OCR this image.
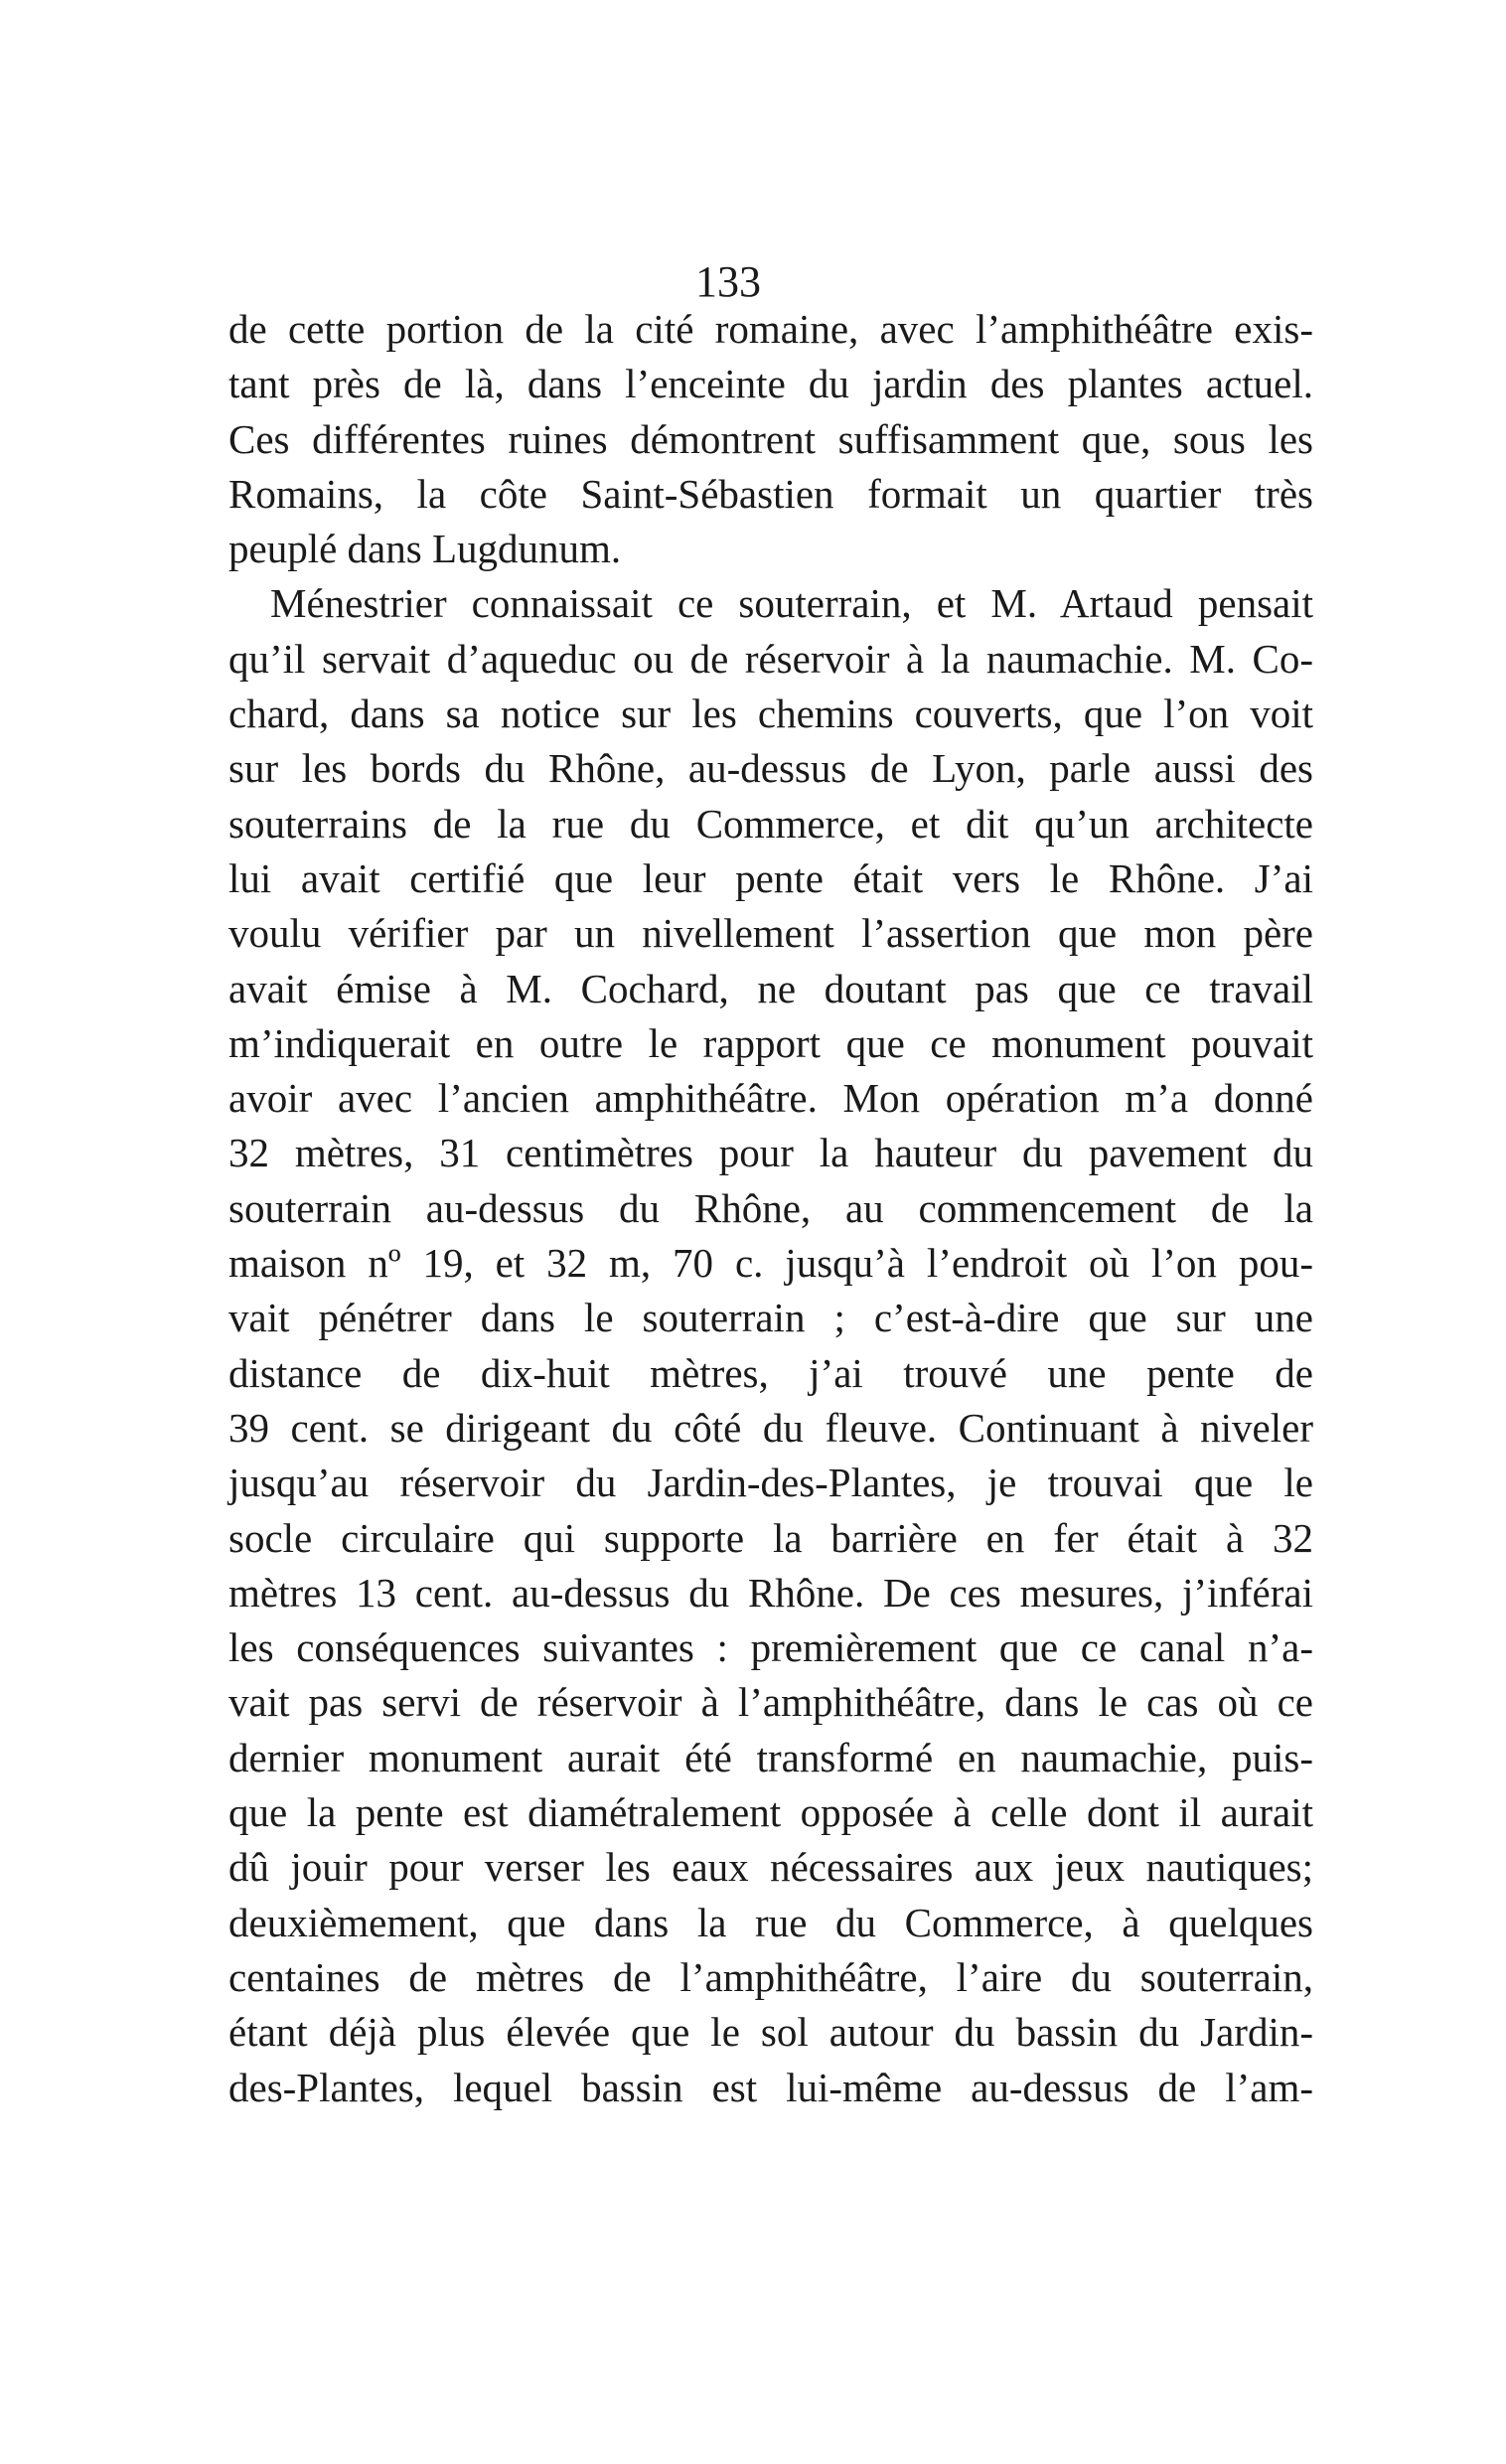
133
de cette portion de la cité romaine, avec l’amphithéâtre exis-
tant près de là, dans l’enceinte du jardin des plantes actuel.
Ces différentes ruines démontrent suffisamment que, sous les
Romains, la côte Saint-Sébastien formait un quartier très
peuplé dans Lugdunum.
Ménestrier connaissait ce souterrain, et M. Artaud pensait
qu’il servait d’aqueduc ou de réservoir à la naumachie. M. Co-
chard, dans sa notice sur les chemins couverts, que l’on voit
sur les bords du Rhône, au-dessus de Lyon, parle aussi des
souterrains de la rue du Commerce, et dit qu’un architecte
lui avait certifié que leur pente était vers le Rhône. J’ai
voulu vérifier par un nivellement l’assertion que mon père
avait émise à M. Cochard, ne doutant pas que ce travail
m’indiquerait en outre le rapport que ce monument pouvait
avoir avec l’ancien amphithéâtre. Mon opération m’a donné
32 mètres, 31 centimètres pour la hauteur du pavement du
souterrain au-dessus du Rhône, au commencement de la
maison nº 19, et 32 m, 70 c. jusqu’à l’endroit où l’on pou-
vait pénétrer dans le souterrain ; c’est-à-dire que sur une
distance de dix-huit mètres, j’ai trouvé une pente de
39 cent. se dirigeant du côté du fleuve. Continuant à niveler
jusqu’au réservoir du Jardin-des-Plantes, je trouvai que le
socle circulaire qui supporte la barrière en fer était à 32
mètres 13 cent. au-dessus du Rhône. De ces mesures, j’inférai
les conséquences suivantes : premièrement que ce canal n’a-
vait pas servi de réservoir à l’amphithéâtre, dans le cas où ce
dernier monument aurait été transformé en naumachie, puis-
que la pente est diamétralement opposée à celle dont il aurait
dû jouir pour verser les eaux nécessaires aux jeux nautiques;
deuxièmement, que dans la rue du Commerce, à quelques
centaines de mètres de l’amphithéâtre, l’aire du souterrain,
étant déjà plus élevée que le sol autour du bassin du Jardin-
des-Plantes, lequel bassin est lui-même au-dessus de l’am-
